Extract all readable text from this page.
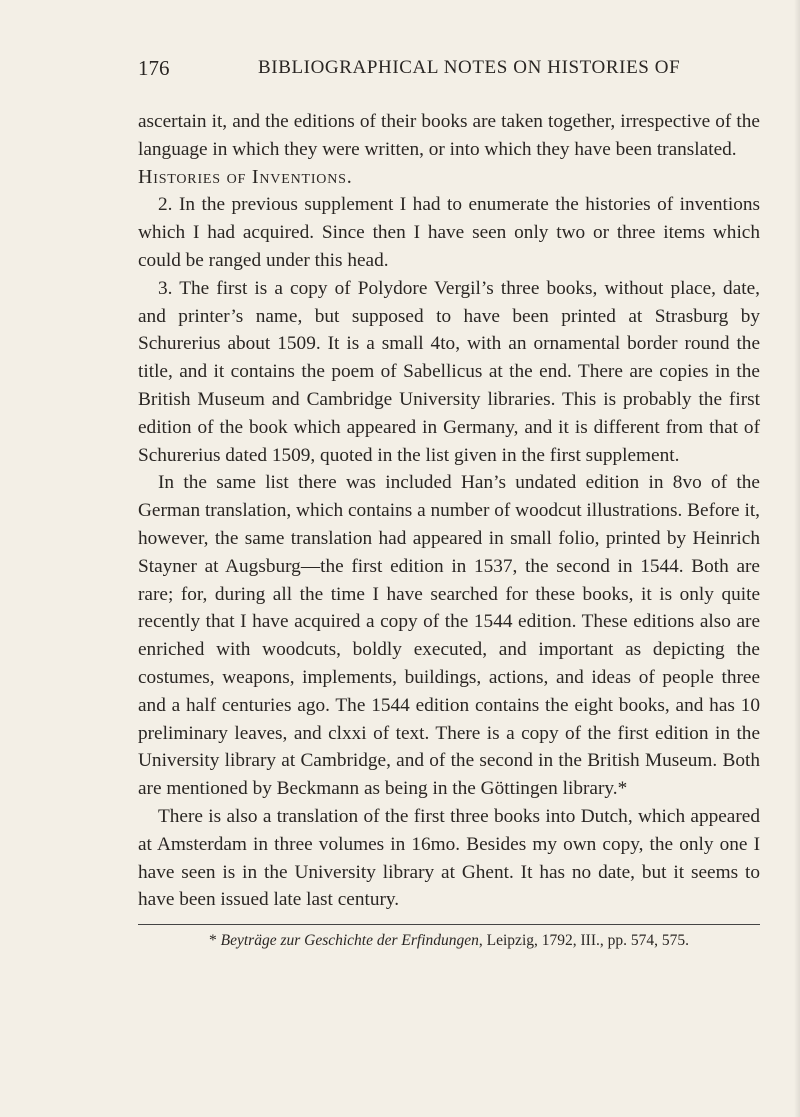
176	BIBLIOGRAPHICAL NOTES ON HISTORIES OF

ascertain it, and the editions of their books are taken together, irrespective of the language in which they were written, or into which they have been translated.

Histories of Inventions.

2. In the previous supplement I had to enumerate the histories of inventions which I had acquired. Since then I have seen only two or three items which could be ranged under this head.

3. The first is a copy of Polydore Vergil’s three books, without place, date, and printer’s name, but supposed to have been printed at Strasburg by Schurerius about 1509. It is a small 4to, with an ornamental border round the title, and it contains the poem of Sabellicus at the end. There are copies in the British Museum and Cambridge University libraries. This is probably the first edition of the book which appeared in Germany, and it is different from that of Schurerius dated 1509, quoted in the list given in the first supplement.

In the same list there was included Han’s undated edition in 8vo of the German translation, which contains a number of woodcut illustrations. Before it, however, the same translation had appeared in small folio, printed by Heinrich Stayner at Augsburg—the first edition in 1537, the second in 1544. Both are rare; for, during all the time I have searched for these books, it is only quite recently that I have acquired a copy of the 1544 edition. These editions also are enriched with woodcuts, boldly executed, and important as depicting the costumes, weapons, implements, buildings, actions, and ideas of people three and a half centuries ago. The 1544 edition contains the eight books, and has 10 preliminary leaves, and clxxi of text. There is a copy of the first edition in the University library at Cambridge, and of the second in the British Museum. Both are mentioned by Beckmann as being in the Göttingen library.*

There is also a translation of the first three books into Dutch, which appeared at Amsterdam in three volumes in 16mo. Besides my own copy, the only one I have seen is in the University library at Ghent. It has no date, but it seems to have been issued late last century.

* Beyträge zur Geschichte der Erfindungen, Leipzig, 1792, III., pp. 574, 575.
